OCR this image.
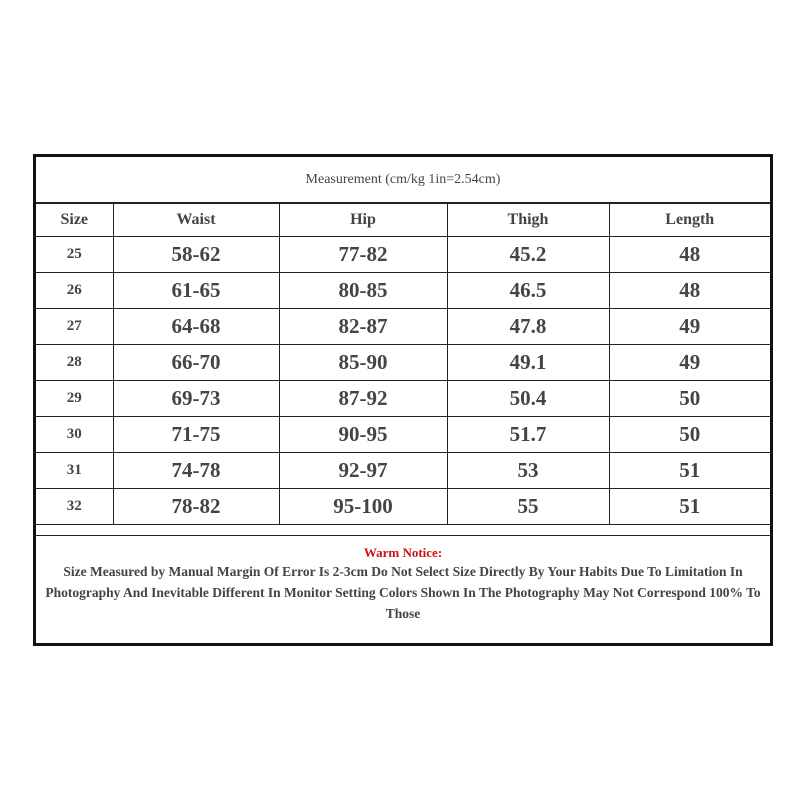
Measurement (cm/kg 1in=2.54cm)
Size	Waist	Hip	Thigh	Length
25	58-62	77-82	45.2	48
26	61-65	80-85	46.5	48
27	64-68	82-87	47.8	49
28	66-70	85-90	49.1	49
29	69-73	87-92	50.4	50
30	71-75	90-95	51.7	50
31	74-78	92-97	53	51
32	78-82	95-100	55	51
Warm Notice:
Size Measured by Manual Margin Of Error Is 2-3cm Do Not Select Size Directly By Your Habits Due To Limitation In Photography And Inevitable Different In Monitor Setting Colors Shown In The Photography May Not Correspond 100% To Those
